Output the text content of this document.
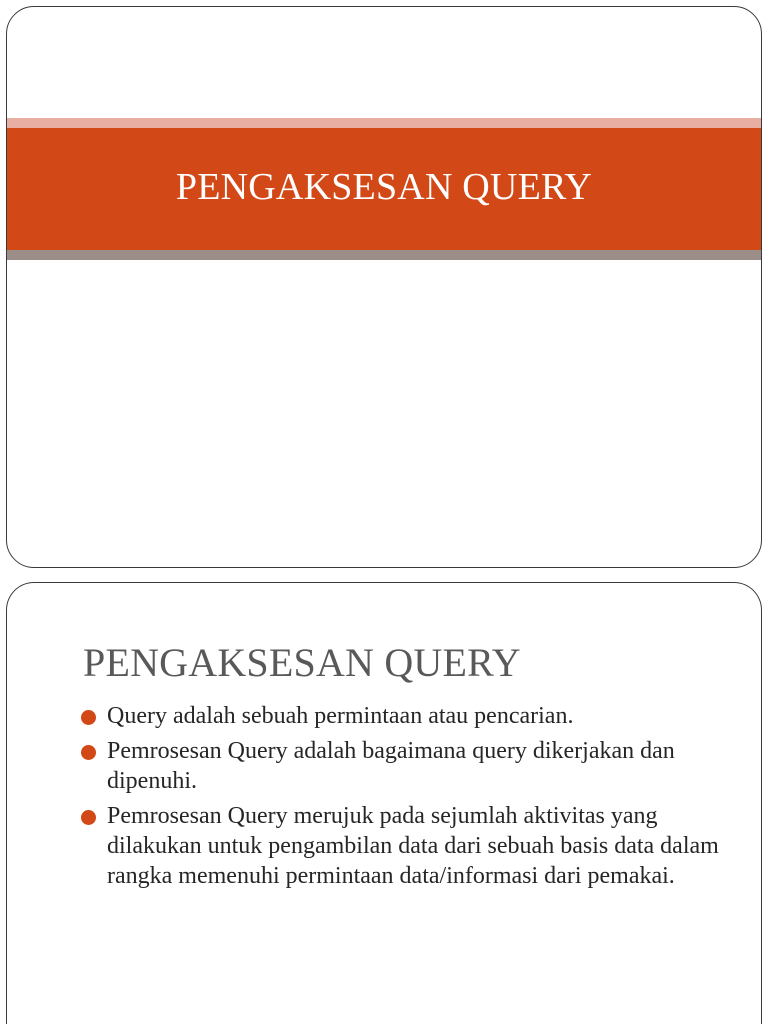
PENGAKSESAN QUERY
PENGAKSESAN QUERY
Query adalah sebuah permintaan atau pencarian.
Pemrosesan Query adalah bagaimana query dikerjakan dan dipenuhi.
Pemrosesan Query merujuk pada sejumlah aktivitas yang dilakukan untuk pengambilan data dari sebuah basis data dalam rangka memenuhi permintaan data/informasi dari pemakai.
